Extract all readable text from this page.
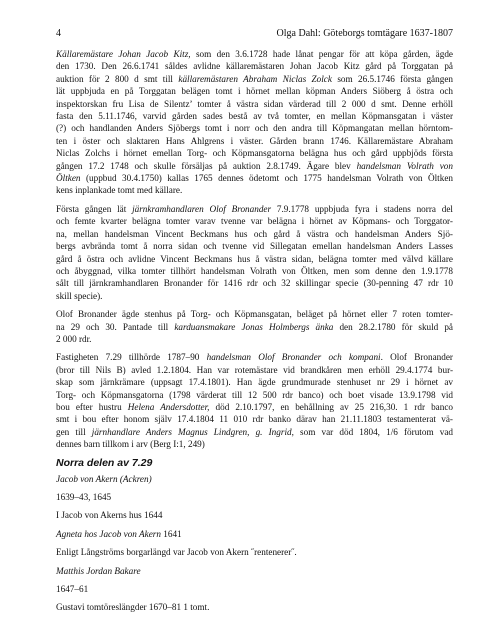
4	Olga Dahl: Göteborgs tomtägare 1637-1807
Källaremästare Johan Jacob Kitz, som den 3.6.1728 hade lånat pengar för att köpa gården, ägde
den 1730. Den 26.6.1741 såldes avlidne källaremästaren Johan Jacob Kitz gård på Torggatan på
auktion för 2 800 d smt till källaremästaren Abraham Niclas Zolck som 26.5.1746 första gången
lät uppbjuda en på Torggatan belägen tomt i hörnet mellan köpman Anders Siöberg å östra och
inspektorskan fru Lisa de Silentz’ tomter å västra sidan värderad till 2 000 d smt. Denne erhöll
fasta den 5.11.1746, varvid gården sades bestå av två tomter, en mellan Köpmansgatan i väster
(?) och handlanden Anders Sjöbergs tomt i norr och den andra till Köpmangatan mellan hörntom-
ten i öster och slaktaren Hans Ahlgrens i väster. Gården brann 1746. Källaremästare Abraham
Niclas Zolchs i hörnet emellan Torg- och Köpmansgatorna belägna hus och gård uppbjöds första
gången 17.2 1748 och skulle försäljas på auktion 2.8.1749. Ägare blev handelsman Volrath von
Öltken (uppbud 30.4.1750) kallas 1765 dennes ödetomt och 1775 handelsman Volrath von Öltken
kens inplankade tomt med källare.
Första gången lät järnkramhandlaren Olof Bronander 7.9.1778 uppbjuda fyra i stadens norra del
och femte kvarter belägna tomter varav tvenne var belägna i hörnet av Köpmans- och Torggator-
na, mellan handelsman Vincent Beckmans hus och gård å västra och handelsman Anders Sjö-
bergs avbrända tomt å norra sidan och tvenne vid Sillegatan emellan handelsman Anders Lasses
gård å östra och avlidne Vincent Beckmans hus å västra sidan, belägna tomter med välvd källare
och åbyggnad, vilka tomter tillhört handelsman Volrath von Öltken, men som denne den 1.9.1778
sålt till järnkramhandlaren Bronander för 1416 rdr och 32 skillingar specie (30-penning 47 rdr 10
skill specie).
Olof Bronander ägde stenhus på Torg- och Köpmansgatan, beläget på hörnet eller 7 roten tomter-
na 29 och 30. Pantade till karduansmakare Jonas Holmbergs änka den 28.2.1780 för skuld på
2 000 rdr.
Fastigheten 7.29 tillhörde 1787–90 handelsman Olof Bronander och kompani. Olof Bronander
(bror till Nils B) avled 1.2.1804. Han var rotemästare vid brandkåren men erhöll 29.4.1774 bur-
skap som järnkrämare (uppsagt 17.4.1801). Han ägde grundmurade stenhuset nr 29 i hörnet av
Torg- och Köpmansgatorna (1798 värderat till 12 500 rdr banco) och boet visade 13.9.1798 vid
bou efter hustru Helena Andersdotter, död 2.10.1797, en behållning av 25 216,30. 1 rdr banco
smt i bou efter honom själv 17.4.1804 11 010 rdr banko därav han 21.11.1803 testamenterat vä-
gen till järnhandlare Anders Magnus Lindgren, g. Ingrid, som var död 1804, 1/6 förutom vad
dennes barn tillkom i arv (Berg I:1, 249)
Norra delen av 7.29
Jacob von Akern (Ackren)
1639–43, 1645
I Jacob von Akerns hus 1644
Agneta hos Jacob von Akern 1641
Enligt Långströms borgarlängd var Jacob von Akern ˝rentenerer˝.
Matthis Jordan Bakare
1647–61
Gustavi tomtöreslängder 1670–81 1 tomt.
